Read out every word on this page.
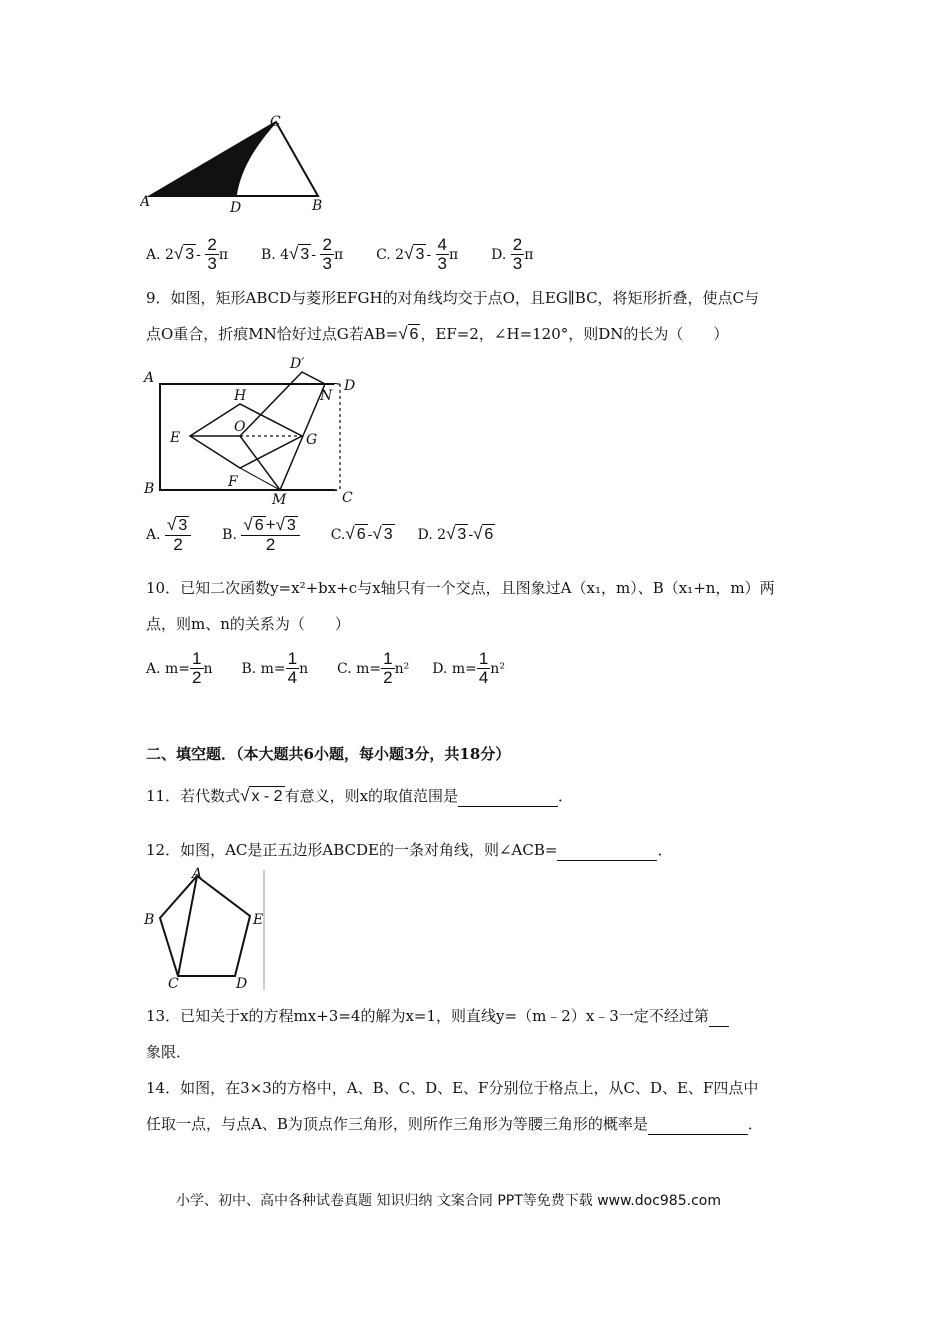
A
C
D	B
A. 2√ $3 - \frac{2}{3}$ π B. 4√ $3 - \frac{2}{3}$ π C. 2√ $3 - \frac{4}{3}$ π D. $\frac{2}{3}$ π
9．如图，矩形ABCD与菱形EFGH的对角线均交于点O，且EG∥BC，将矩形折叠，使点C与
点O重合，折痕MN恰好过点G若AB=√ 6 ，EF=2，∠H=120°，则DN的长为（　　）
A
B
C
D
D′
E
F
G
H
M
N
O
A. $\frac{√ 3}{2} B$. $\frac{√ 6 +√ 3}{2} C.√$ 6 -√ 3 D. 2√ 3 -√ 6
10．已知二次函数y=x²+bx+c与x轴只有一个交点，且图象过A（x₁，m）、B（x₁+n，m）两
点，则m、n的关系为（　　）
A. $m= \frac{1}{2}$ n B. $m= \frac{1}{4}$ n C. $m= \frac{1}{2} n^2$ D. $m= \frac{1}{4} n^2$
二、填空题．（本大题共6小题，每小题3分，共18分）
11．若代数式√ x - 2 有意义，则x的取值范围是	．
12．如图，AC是正五边形ABCDE的一条对角线，则∠ACB=	．
A
B
C	D
E
13．已知关于x的方程mx+3=4的解为x=1，则直线y=（m﹣2）x﹣3一定不经过第
象限．
14．如图，在3×3的方格中，A、B、C、D、E、F分别位于格点上，从C、D、E、F四点中
任取一点，与点A、B为顶点作三角形，则所作三角形为等腰三角形的概率是	．
小学、初中、高中各种试卷真题 知识归纳 文案合同 PPT等免费下载 www.doc985.com
